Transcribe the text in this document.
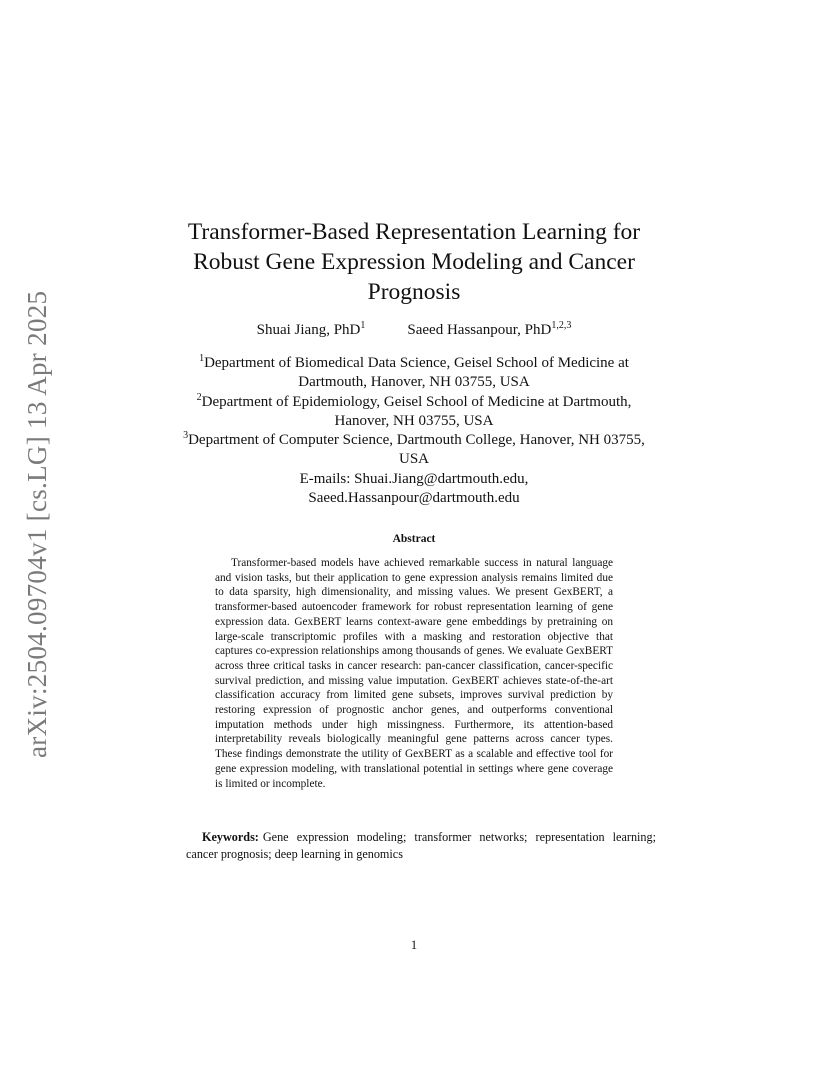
arXiv:2504.09704v1 [cs.LG] 13 Apr 2025
Transformer-Based Representation Learning for Robust Gene Expression Modeling and Cancer Prognosis
Shuai Jiang, PhD$^1$	Saeed Hassanpour, PhD$^{1,2,3}$

$^1$Department of Biomedical Data Science, Geisel School of Medicine at Dartmouth, Hanover, NH 03755, USA

$^2$Department of Epidemiology, Geisel School of Medicine at Dartmouth, Hanover, NH 03755, USA

$^3$Department of Computer Science, Dartmouth College, Hanover, NH 03755, USA

E-mails: Shuai.Jiang@dartmouth.edu,

Saeed.Hassanpour@dartmouth.edu

Abstract

Transformer-based models have achieved remarkable success in natural language and vision tasks, but their application to gene expression analysis remains limited due to data sparsity, high dimensionality, and missing values. We present GexBERT, a transformer-based autoencoder framework for robust representation learning of gene expression data. GexBERT learns context-aware gene embeddings by pretraining on large-scale transcriptomic profiles with a masking and restoration objective that captures co-expression relationships among thousands of genes. We evaluate GexBERT across three critical tasks in cancer research: pan-cancer classification, cancer-specific survival prediction, and missing value imputation. GexBERT achieves state-of-the-art classification accuracy from limited gene subsets, improves survival prediction by restoring expression of prognostic anchor genes, and outperforms conventional imputation methods under high missingness. Furthermore, its attention-based interpretability reveals biologically meaningful gene patterns across cancer types. These findings demonstrate the utility of GexBERT as a scalable and effective tool for gene expression modeling, with translational potential in settings where gene coverage is limited or incomplete.

Keywords: Gene expression modeling; transformer networks; representation learning; cancer prognosis; deep learning in genomics

1
